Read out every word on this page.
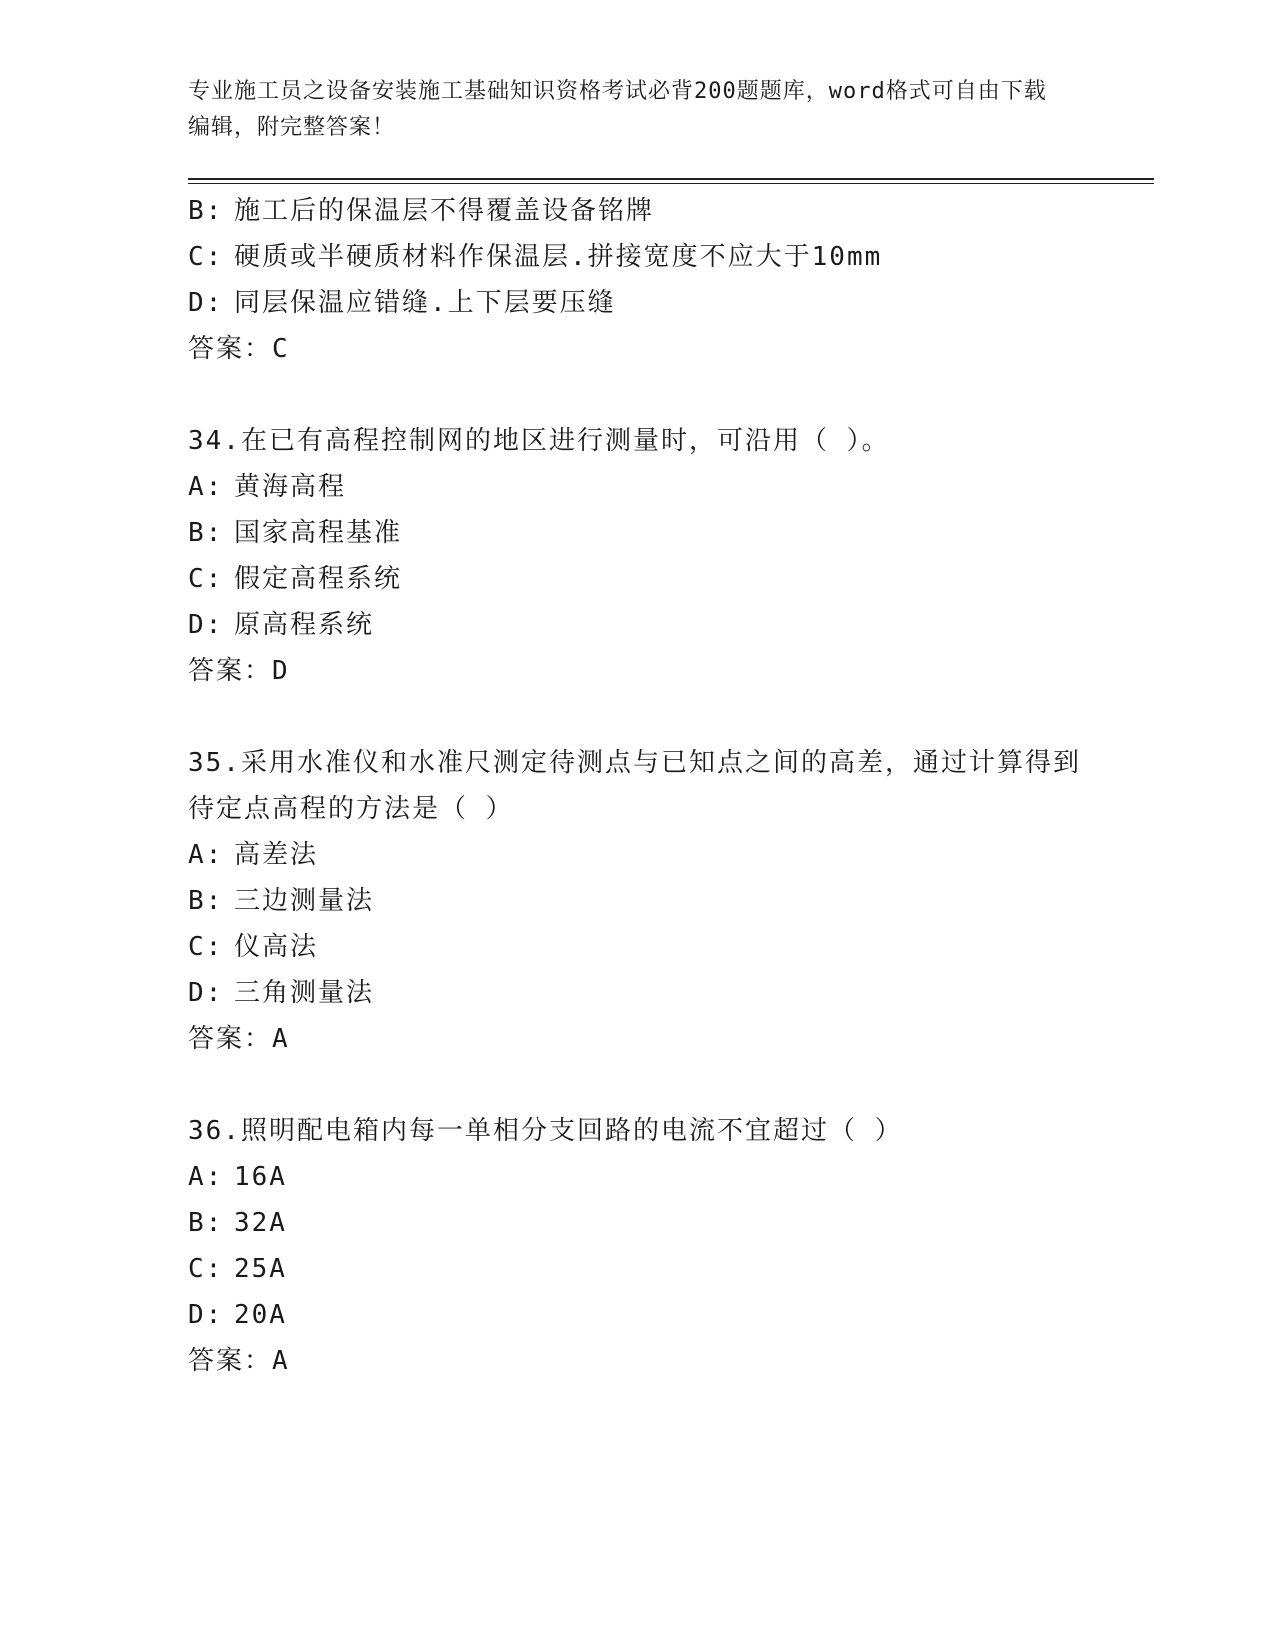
专业施工员之设备安装施工基础知识资格考试必背200题题库，word格式可自由下载编辑，附完整答案！
B: 施工后的保温层不得覆盖设备铭牌
C: 硬质或半硬质材料作保温层.拼接宽度不应大于10mm
D: 同层保温应错缝.上下层要压缝
答案：C
34.在已有高程控制网的地区进行测量时，可沿用（ ）。
A: 黄海高程
B: 国家高程基准
C: 假定高程系统
D: 原高程系统
答案：D
35.采用水准仪和水准尺测定待测点与已知点之间的高差，通过计算得到待定点高程的方法是（ ）
A: 高差法
B: 三边测量法
C: 仪高法
D: 三角测量法
答案：A
36.照明配电箱内每一单相分支回路的电流不宜超过（ ）
A: 16A
B: 32A
C: 25A
D: 20A
答案：A
